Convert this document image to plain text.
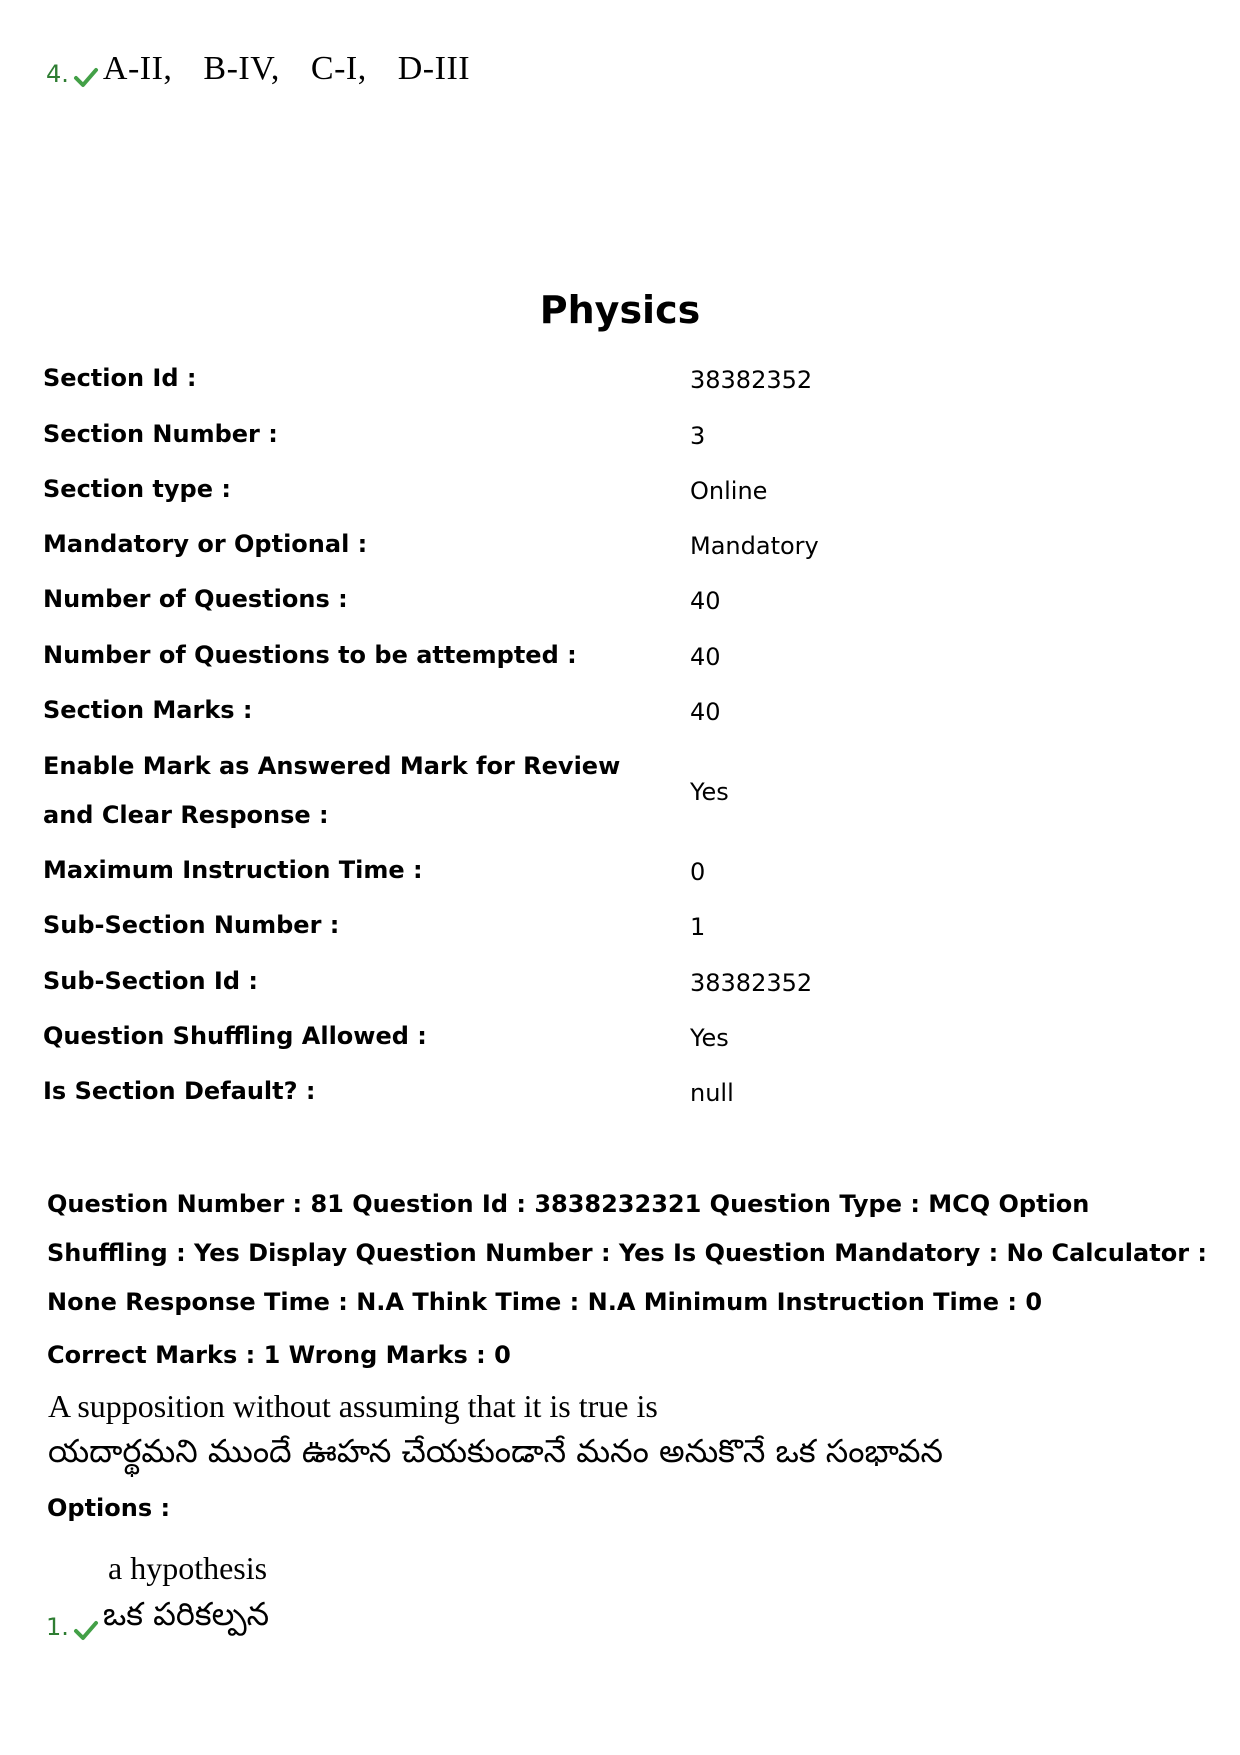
4. A-II, B-IV, C-I, D-III
Physics
Section Id :	38382352
Section Number :	3
Section type :	Online
Mandatory or Optional :	Mandatory
Number of Questions :	40
Number of Questions to be attempted :	40
Section Marks :	40
Enable Mark as Answered Mark for Review and Clear Response :
Yes
Maximum Instruction Time :	0
Sub-Section Number :	1
Sub-Section Id :	38382352
Question Shuffling Allowed :	Yes
Is Section Default? :	null
Question Number : 81 Question Id : 3838232321 Question Type : MCQ Option Shuffling : Yes Display Question Number : Yes Is Question Mandatory : No Calculator : None Response Time : N.A Think Time : N.A Minimum Instruction Time : 0
Correct Marks : 1 Wrong Marks : 0
A supposition without assuming that it is true is
యదార్థమని ముందే ఊహన చేయకుండానే మనం అనుకొనే ఒక సంభావన
Options :
a hypothesis
1. ఒక పరికల్పన
